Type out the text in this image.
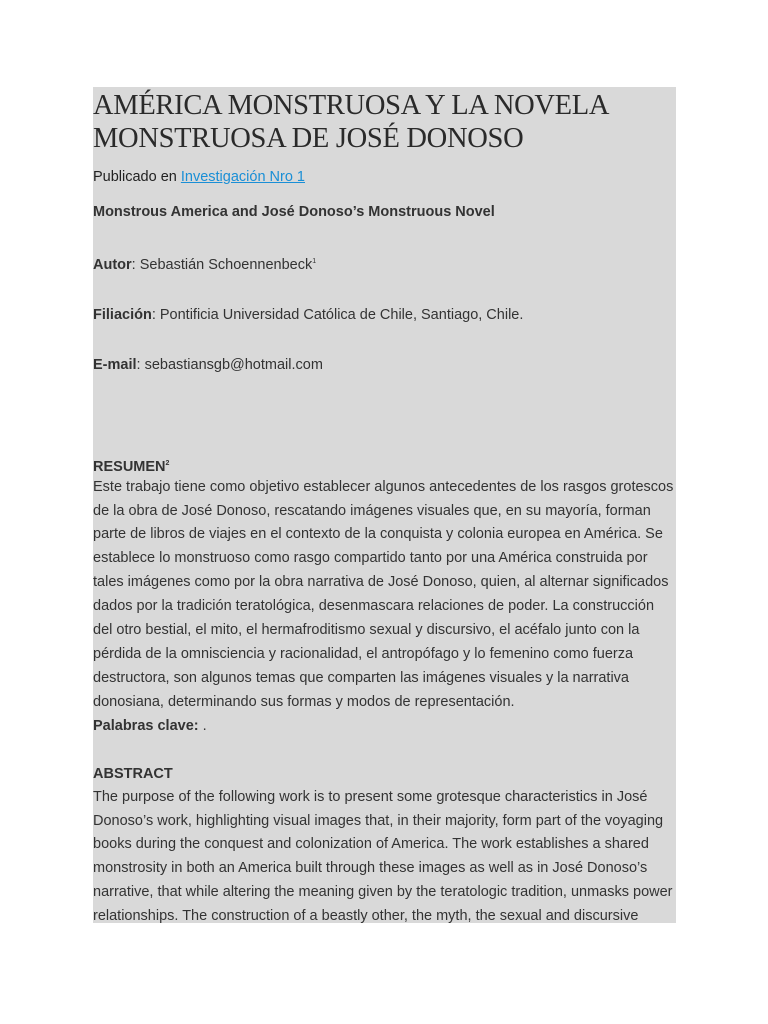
AMÉRICA MONSTRUOSA Y LA NOVELA MONSTRUOSA DE JOSÉ DONOSO
Publicado en Investigación Nro 1
Monstrous America and José Donoso’s Monstruous Novel
Autor: Sebastián Schoennenbeck$^1$
Filiación: Pontificia Universidad Católica de Chile, Santiago, Chile.
E-mail: sebastiansgb@hotmail.com
RESUMEN$^2$

Este trabajo tiene como objetivo establecer algunos antecedentes de los rasgos grotescos de la obra de José Donoso, rescatando imágenes visuales que, en su mayoría, forman parte de libros de viajes en el contexto de la conquista y colonia europea en América. Se establece lo monstruoso como rasgo compartido tanto por una América construida por tales imágenes como por la obra narrativa de José Donoso, quien, al alternar significados dados por la tradición teratológica, desenmascara relaciones de poder. La construcción del otro bestial, el mito, el hermafroditismo sexual y discursivo, el acéfalo junto con la pérdida de la omnisciencia y racionalidad, el antropófago y lo femenino como fuerza destructora, son algunos temas que comparten las imágenes visuales y la narrativa donosiana, determinando sus formas y modos de representación.

Palabras clave: .
ABSTRACT

The purpose of the following work is to present some grotesque characteristics in José Donoso’s work, highlighting visual images that, in their majority, form part of the voyaging books during the conquest and colonization of America. The work establishes a shared monstrosity in both an America built through these images as well as in José Donoso’s narrative, that while altering the meaning given by the teratologic tradition, unmasks power relationships. The construction of a beastly other, the myth, the sexual and discursive
